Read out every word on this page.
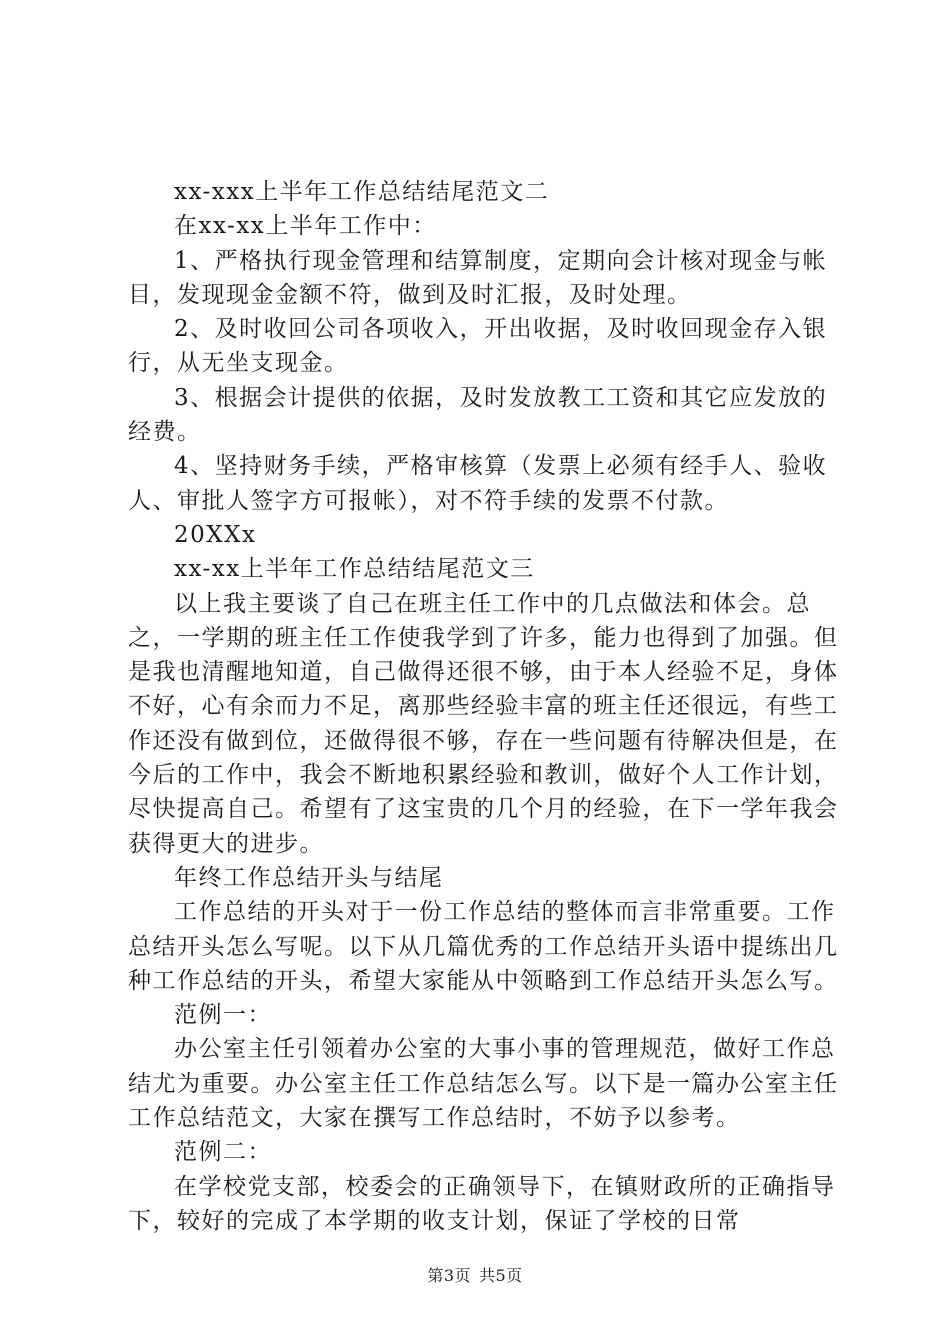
xx-xxx上半年工作总结结尾范文二

在xx-xx上半年工作中：

1、严格执行现金管理和结算制度，定期向会计核对现金与帐目，发现现金金额不符，做到及时汇报，及时处理。

2、及时收回公司各项收入，开出收据，及时收回现金存入银行，从无坐支现金。

3、根据会计提供的依据，及时发放教工工资和其它应发放的经费。

4、坚持财务手续，严格审核算（发票上必须有经手人、验收人、审批人签字方可报帐），对不符手续的发票不付款。

20XXx

xx-xx上半年工作总结结尾范文三

以上我主要谈了自己在班主任工作中的几点做法和体会。总之，一学期的班主任工作使我学到了许多，能力也得到了加强。但是我也清醒地知道，自己做得还很不够，由于本人经验不足，身体不好，心有余而力不足，离那些经验丰富的班主任还很远，有些工作还没有做到位，还做得很不够，存在一些问题有待解决但是，在今后的工作中，我会不断地积累经验和教训，做好个人工作计划，尽快提高自己。希望有了这宝贵的几个月的经验，在下一学年我会获得更大的进步。

年终工作总结开头与结尾

工作总结的开头对于一份工作总结的整体而言非常重要。工作总结开头怎么写呢。以下从几篇优秀的工作总结开头语中提练出几种工作总结的开头，希望大家能从中领略到工作总结开头怎么写。

范例一：

办公室主任引领着办公室的大事小事的管理规范，做好工作总结尤为重要。办公室主任工作总结怎么写。以下是一篇办公室主任工作总结范文，大家在撰写工作总结时，不妨予以参考。

范例二：

在学校党支部，校委会的正确领导下，在镇财政所的正确指导下，较好的完成了本学期的收支计划，保证了学校的日常

第3页 共5页
